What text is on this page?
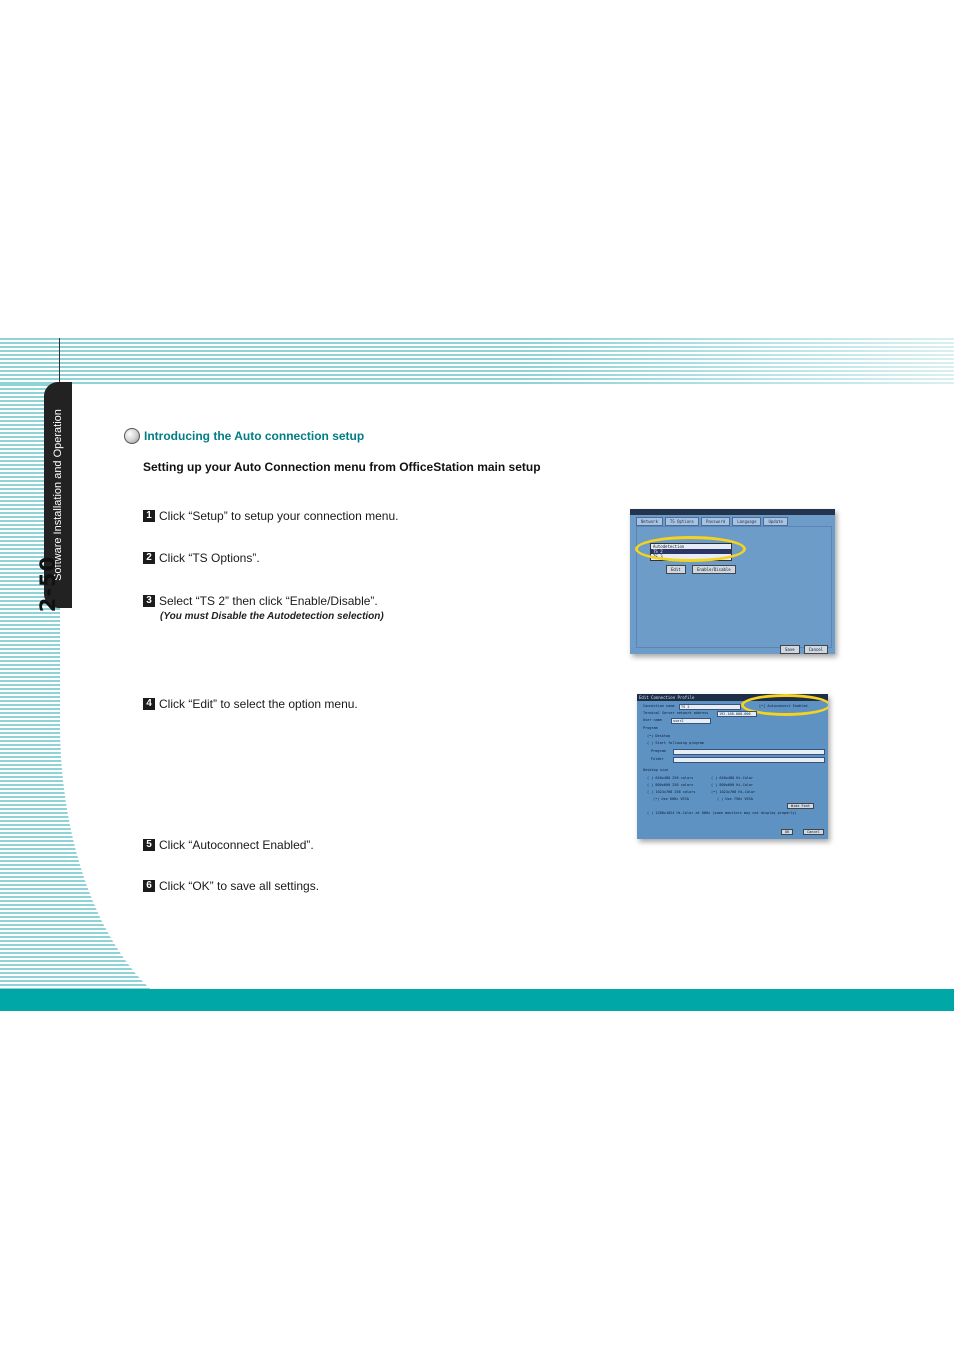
Software Installation and Operation
2-50
Introducing the Auto connection setup
Setting up your Auto Connection menu from OfficeStation main setup
1 Click “Setup” to setup your connection menu.
2 Click “TS Options”.
3 Select “TS 2” then click “Enable/Disable”.
(You must Disable the Autodetection selection)
4 Click “Edit” to select the option menu.
5 Click “Autoconnect Enabled”.
6 Click “OK” to save all settings.
Network	TS Options	Password	Language	Update
Autodetection
TS 2
TS 3
Edit	Enable/Disable
Save	Cancel
Edit Connection Profile
[•] Autoconnect Enabled
Connection name TS 2
Terminal Server network address	192.168.000.006
User name	user2
Program
(•) Desktop
( ) Start following program
Program
Folder
Desktop size
( ) 640x480 256 colors
( ) 800x600 256 colors
( ) 1024x768 256 colors
(•) Use 60Hz VESA
( ) 640x480 Hi-Color
( ) 800x600 Hi-Color
(•) 1024x768 Hi-Color
( ) Use 75Hz VESA
Wide Font
( ) 1280x1024 Hi-Color at 60Hz (some monitors may not display properly)
OK	Cancel
